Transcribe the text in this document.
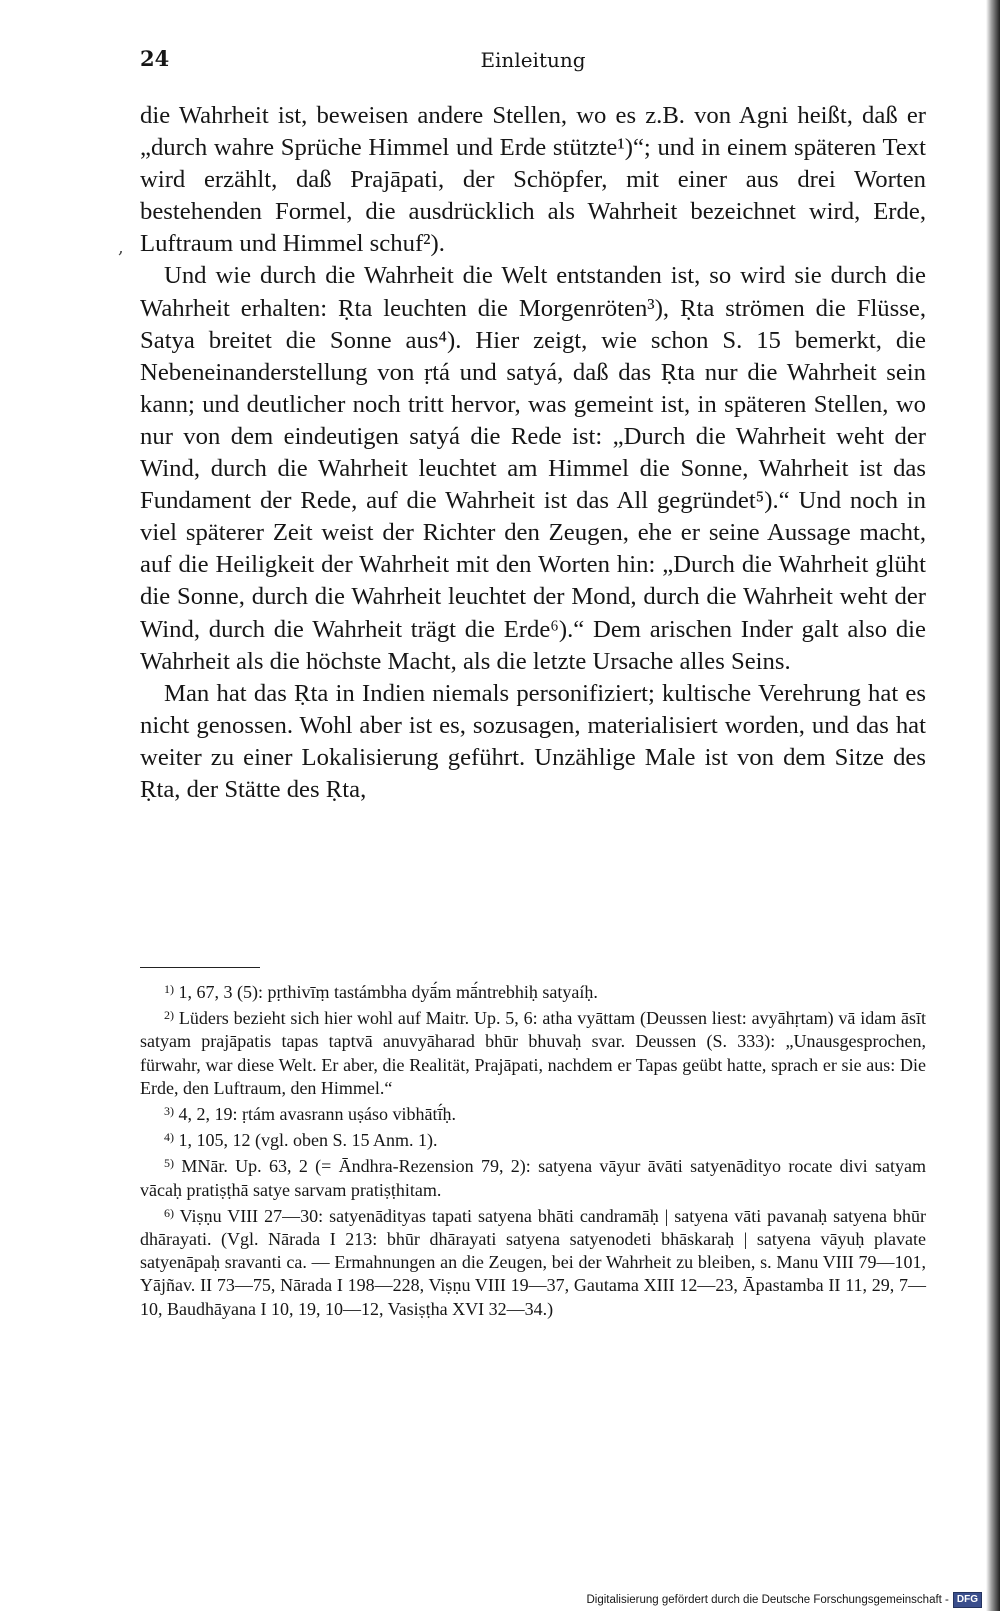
24	Einleitung
,

die Wahrheit ist, beweisen andere Stellen, wo es z.B. von Agni heißt, daß er „durch wahre Sprüche Himmel und Erde stützte¹)“; und in einem späteren Text wird erzählt, daß Prajāpati, der Schöpfer, mit einer aus drei Worten bestehenden Formel, die ausdrücklich als Wahrheit bezeichnet wird, Erde, Luftraum und Himmel schuf²).

Und wie durch die Wahrheit die Welt entstanden ist, so wird sie durch die Wahrheit erhalten: Ṛta leuchten die Morgenröten³), Ṛta strömen die Flüsse, Satya breitet die Sonne aus⁴). Hier zeigt, wie schon S. 15 bemerkt, die Nebeneinanderstellung von ṛtá und satyá, daß das Ṛta nur die Wahrheit sein kann; und deutlicher noch tritt hervor, was gemeint ist, in späteren Stellen, wo nur von dem eindeutigen satyá die Rede ist: „Durch die Wahrheit weht der Wind, durch die Wahrheit leuchtet am Himmel die Sonne, Wahrheit ist das Fundament der Rede, auf die Wahrheit ist das All gegründet⁵).“ Und noch in viel späterer Zeit weist der Richter den Zeugen, ehe er seine Aussage macht, auf die Heiligkeit der Wahrheit mit den Worten hin: „Durch die Wahrheit glüht die Sonne, durch die Wahrheit leuchtet der Mond, durch die Wahrheit weht der Wind, durch die Wahrheit trägt die Erde⁶).“ Dem arischen Inder galt also die Wahrheit als die höchste Macht, als die letzte Ursache alles Seins.

Man hat das Ṛta in Indien niemals personifiziert; kultische Verehrung hat es nicht genossen. Wohl aber ist es, sozusagen, materialisiert worden, und das hat weiter zu einer Lokalisierung geführt. Unzählige Male ist von dem Sitze des Ṛta, der Stätte des Ṛta,

$^{1)}$ 1, 67, 3 (5): pṛthivīṃ tastámbha dyā́m mā́ntrebhiḥ satyaíḥ.

$^{2)}$ Lüders bezieht sich hier wohl auf Maitr. Up. 5, 6: atha vyāttam (Deussen liest: avyāhṛtam) vā idam āsīt satyam prajāpatis tapas taptvā anuvyāharad bhūr bhuvaḥ svar. Deussen (S. 333): „Unausgesprochen, fürwahr, war diese Welt. Er aber, die Realität, Prajāpati, nachdem er Tapas geübt hatte, sprach er sie aus: Die Erde, den Luftraum, den Himmel.“

$^{3)}$ 4, 2, 19: ṛtám avasrann uṣáso vibhātī́ḥ.

$^{4)}$ 1, 105, 12 (vgl. oben S. 15 Anm. 1).

$^{5)}$ MNār. Up. 63, 2 (= Āndhra-Rezension 79, 2): satyena vāyur āvāti satyenādityo rocate divi satyam vācaḥ pratiṣṭhā satye sarvam pratiṣṭhitam.

$^{6)}$ Viṣṇu VIII 27—30: satyenādityas tapati satyena bhāti candramāḥ | satyena vāti pavanaḥ satyena bhūr dhārayati. (Vgl. Nārada I 213: bhūr dhārayati satyena satyenodeti bhāskaraḥ | satyena vāyuḥ plavate satyenāpaḥ sravanti ca. — Ermahnungen an die Zeugen, bei der Wahrheit zu bleiben, s. Manu VIII 79—101, Yājñav. II 73—75, Nārada I 198—228, Viṣṇu VIII 19—37, Gautama XIII 12—23, Āpastamba II 11, 29, 7—10, Baudhāyana I 10, 19, 10—12, Vasiṣṭha XVI 32—34.)

Digitalisierung gefördert durch die Deutsche Forschungsgemeinschaft - DFG
